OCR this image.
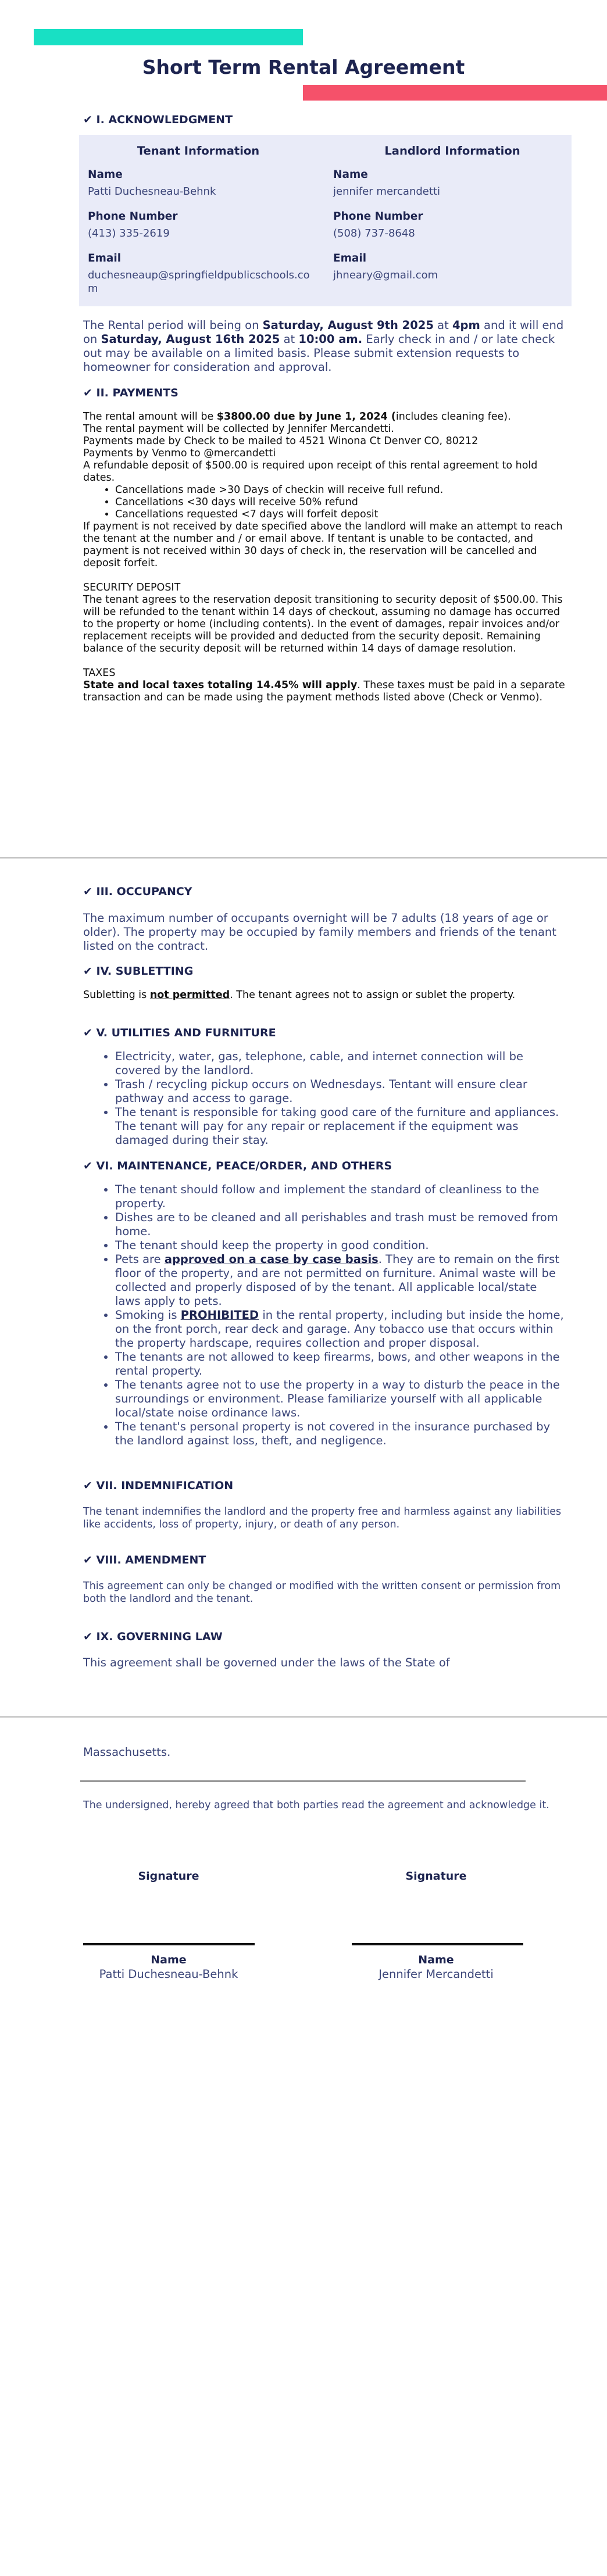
Short Term Rental Agreement

✔ I. ACKNOWLEDGMENT

Tenant Information
Name
Patti Duchesneau-Behnk
Phone Number
(413) 335-2619
Email
duchesneaup@springfieldpublicschools.co
m
Landlord Information
Name
jennifer mercandetti
Phone Number
(508) 737-8648
Email
jhneary@gmail.com
The Rental period will being on Saturday, August 9th 2025 at 4pm and it will end on Saturday, August 16th 2025 at 10:00 am. Early check in and / or late check out may be available on a limited basis. Please submit extension requests to homeowner for consideration and approval.

✔ II. PAYMENTS

The rental amount will be $3800.00 due by June 1, 2024 (includes cleaning fee).
The rental payment will be collected by Jennifer Mercandetti.
Payments made by Check to be mailed to 4521 Winona Ct Denver CO, 80212
Payments by Venmo to @mercandetti
A refundable deposit of $500.00 is required upon receipt of this rental agreement to hold dates.
• Cancellations made >30 Days of checkin will receive full refund.
• Cancellations <30 days will receive 50% refund
• Cancellations requested <7 days will forfeit deposit
If payment is not received by date specified above the landlord will make an attempt to reach the tenant at the number and / or email above. If tentant is unable to be contacted, and payment is not received within 30 days of check in, the reservation will be cancelled and deposit forfeit.
SECURITY DEPOSIT
The tenant agrees to the reservation deposit transitioning to security deposit of $500.00. This will be refunded to the tenant within 14 days of checkout, assuming no damage has occurred to the property or home (including contents). In the event of damages, repair invoices and/or replacement receipts will be provided and deducted from the security deposit. Remaining balance of the security deposit will be returned within 14 days of damage resolution.
TAXES
State and local taxes totaling 14.45% will apply. These taxes must be paid in a separate transaction and can be made using the payment methods listed above (Check or Venmo).

✔ III. OCCUPANCY

The maximum number of occupants overnight will be 7 adults (18 years of age or older). The property may be occupied by family members and friends of the tenant listed on the contract.

✔ IV. SUBLETTING

Subletting is not permitted. The tenant agrees not to assign or sublet the property.

✔ V. UTILITIES AND FURNITURE

• Electricity, water, gas, telephone, cable, and internet connection will be covered by the landlord.
• Trash / recycling pickup occurs on Wednesdays. Tentant will ensure clear pathway and access to garage.
• The tenant is responsible for taking good care of the furniture and appliances. The tenant will pay for any repair or replacement if the equipment was damaged during their stay.

✔ VI. MAINTENANCE, PEACE/ORDER, AND OTHERS

• The tenant should follow and implement the standard of cleanliness to the property.
• Dishes are to be cleaned and all perishables and trash must be removed from home.
• The tenant should keep the property in good condition.
• Pets are approved on a case by case basis. They are to remain on the first floor of the property, and are not permitted on furniture. Animal waste will be collected and properly disposed of by the tenant. All applicable local/state laws apply to pets.
• Smoking is PROHIBITED in the rental property, including but inside the home, on the front porch, rear deck and garage. Any tobacco use that occurs within the property hardscape, requires collection and proper disposal.
• The tenants are not allowed to keep firearms, bows, and other weapons in the rental property.
• The tenants agree not to use the property in a way to disturb the peace in the surroundings or environment. Please familiarize yourself with all applicable local/state noise ordinance laws.
• The tenant's personal property is not covered in the insurance purchased by the landlord against loss, theft, and negligence.

✔ VII. INDEMNIFICATION

The tenant indemnifies the landlord and the property free and harmless against any liabilities like accidents, loss of property, injury, or death of any person.

✔ VIII. AMENDMENT

This agreement can only be changed or modified with the written consent or permission from both the landlord and the tenant.

✔ IX. GOVERNING LAW

This agreement shall be governed under the laws of the State of
Massachusetts.
The undersigned, hereby agreed that both parties read the agreement and acknowledge it.
Signature	Signature
Name	Name
Patti Duchesneau-Behnk	Jennifer Mercandetti
